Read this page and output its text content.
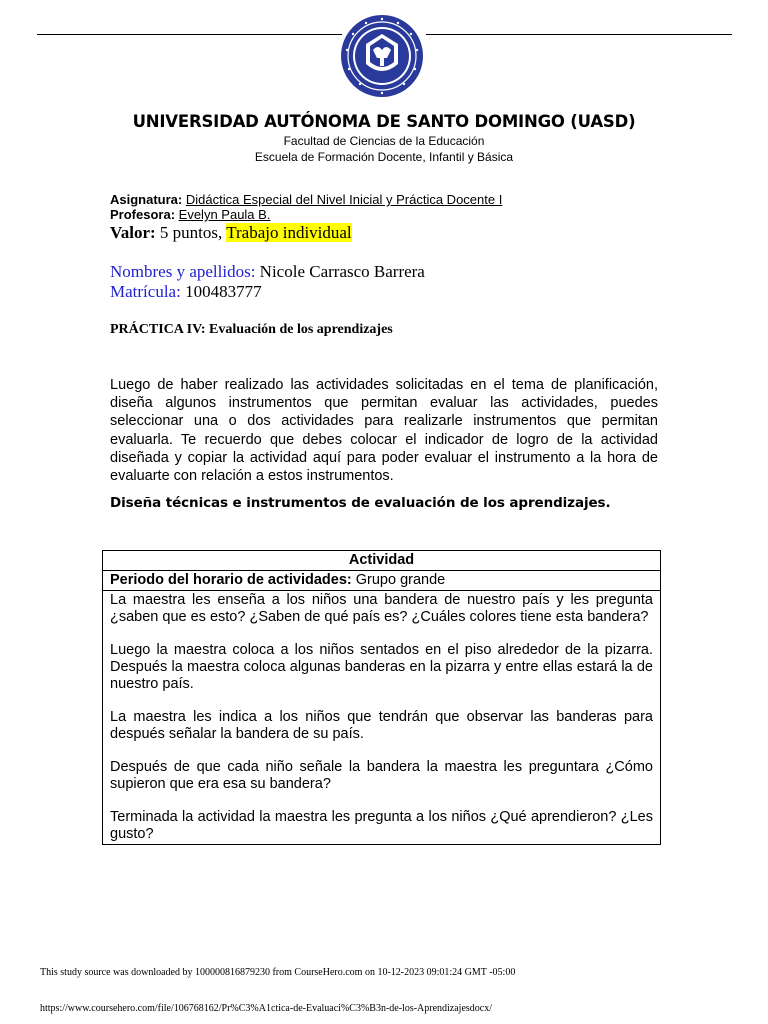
UNIVERSIDAD AUTÓNOMA DE SANTO DOMINGO (UASD)
Facultad de Ciencias de la Educación
Escuela de Formación Docente, Infantil y Básica
Asignatura: Didáctica Especial del Nivel Inicial y Práctica Docente I
Profesora: Evelyn Paula B.
Valor: 5 puntos, Trabajo individual
Nombres y apellidos: Nicole Carrasco Barrera
Matrícula: 100483777
PRÁCTICA IV: Evaluación de los aprendizajes

Luego de haber realizado las actividades solicitadas en el tema de planificación, diseña algunos instrumentos que permitan evaluar las actividades, puedes seleccionar una o dos actividades para realizarle instrumentos que permitan evaluarla. Te recuerdo que debes colocar el indicador de logro de la actividad diseñada y copiar la actividad aquí para poder evaluar el instrumento a la hora de evaluarte con relación a estos instrumentos.

Diseña técnicas e instrumentos de evaluación de los aprendizajes.
Actividad
Periodo del horario de actividades: Grupo grande

La maestra les enseña a los niños una bandera de nuestro país y les pregunta ¿saben que es esto? ¿Saben de qué país es? ¿Cuáles colores tiene esta bandera?

Luego la maestra coloca a los niños sentados en el piso alrededor de la pizarra. Después la maestra coloca algunas banderas en la pizarra y entre ellas estará la de nuestro país.

La maestra les indica a los niños que tendrán que observar las banderas para después señalar la bandera de su país.

Después de que cada niño señale la bandera la maestra les preguntara ¿Cómo supieron que era esa su bandera?

Terminada la actividad la maestra les pregunta a los niños ¿Qué aprendieron? ¿Les gusto?

This study source was downloaded by 100000816879230 from CourseHero.com on 10-12-2023 09:01:24 GMT -05:00
https://www.coursehero.com/file/106768162/Pr%C3%A1ctica-de-Evaluaci%C3%B3n-de-los-Aprendizajesdocx/
